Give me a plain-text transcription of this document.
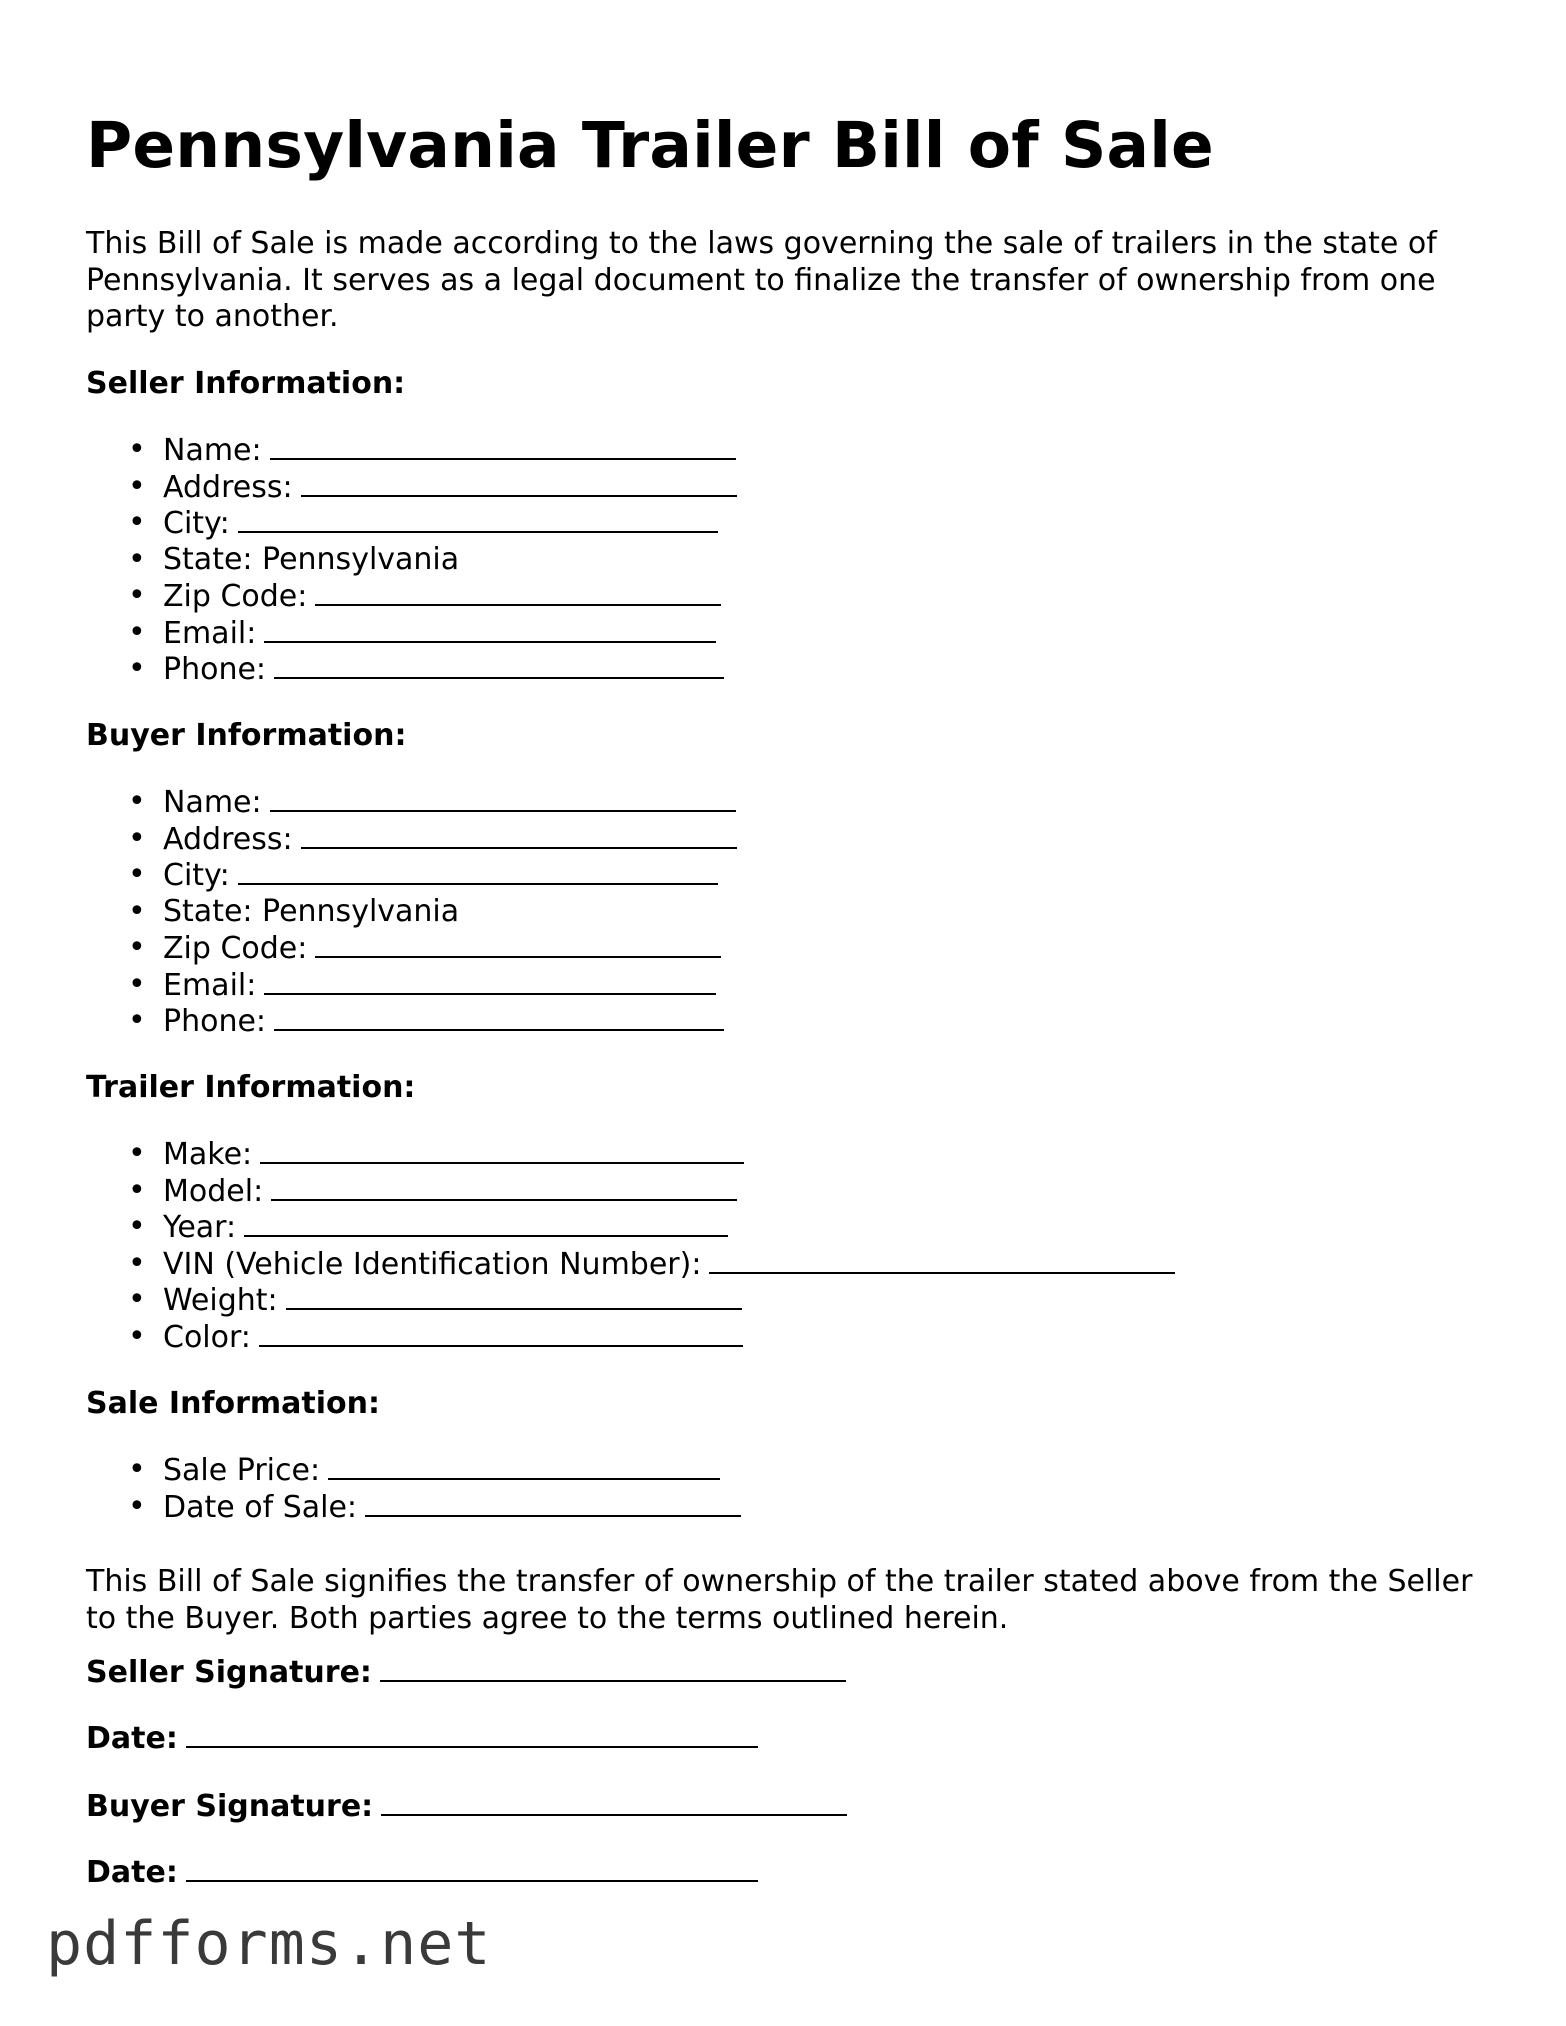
Pennsylvania Trailer Bill of Sale

This Bill of Sale is made according to the laws governing the sale of trailers in the state of Pennsylvania. It serves as a legal document to finalize the transfer of ownership from one party to another.

Seller Information:

• Name:
• Address:
• City:
• State: Pennsylvania
• Zip Code:
• Email:
• Phone:

Buyer Information:

• Name:
• Address:
• City:
• State: Pennsylvania
• Zip Code:
• Email:
• Phone:

Trailer Information:

• Make:
• Model:
• Year:
• VIN (Vehicle Identification Number):
• Weight:
• Color:

Sale Information:

• Sale Price:
• Date of Sale:

This Bill of Sale signifies the transfer of ownership of the trailer stated above from the Seller to the Buyer. Both parties agree to the terms outlined herein.

Seller Signature:

Date:

Buyer Signature:

Date:

pdfforms.net
